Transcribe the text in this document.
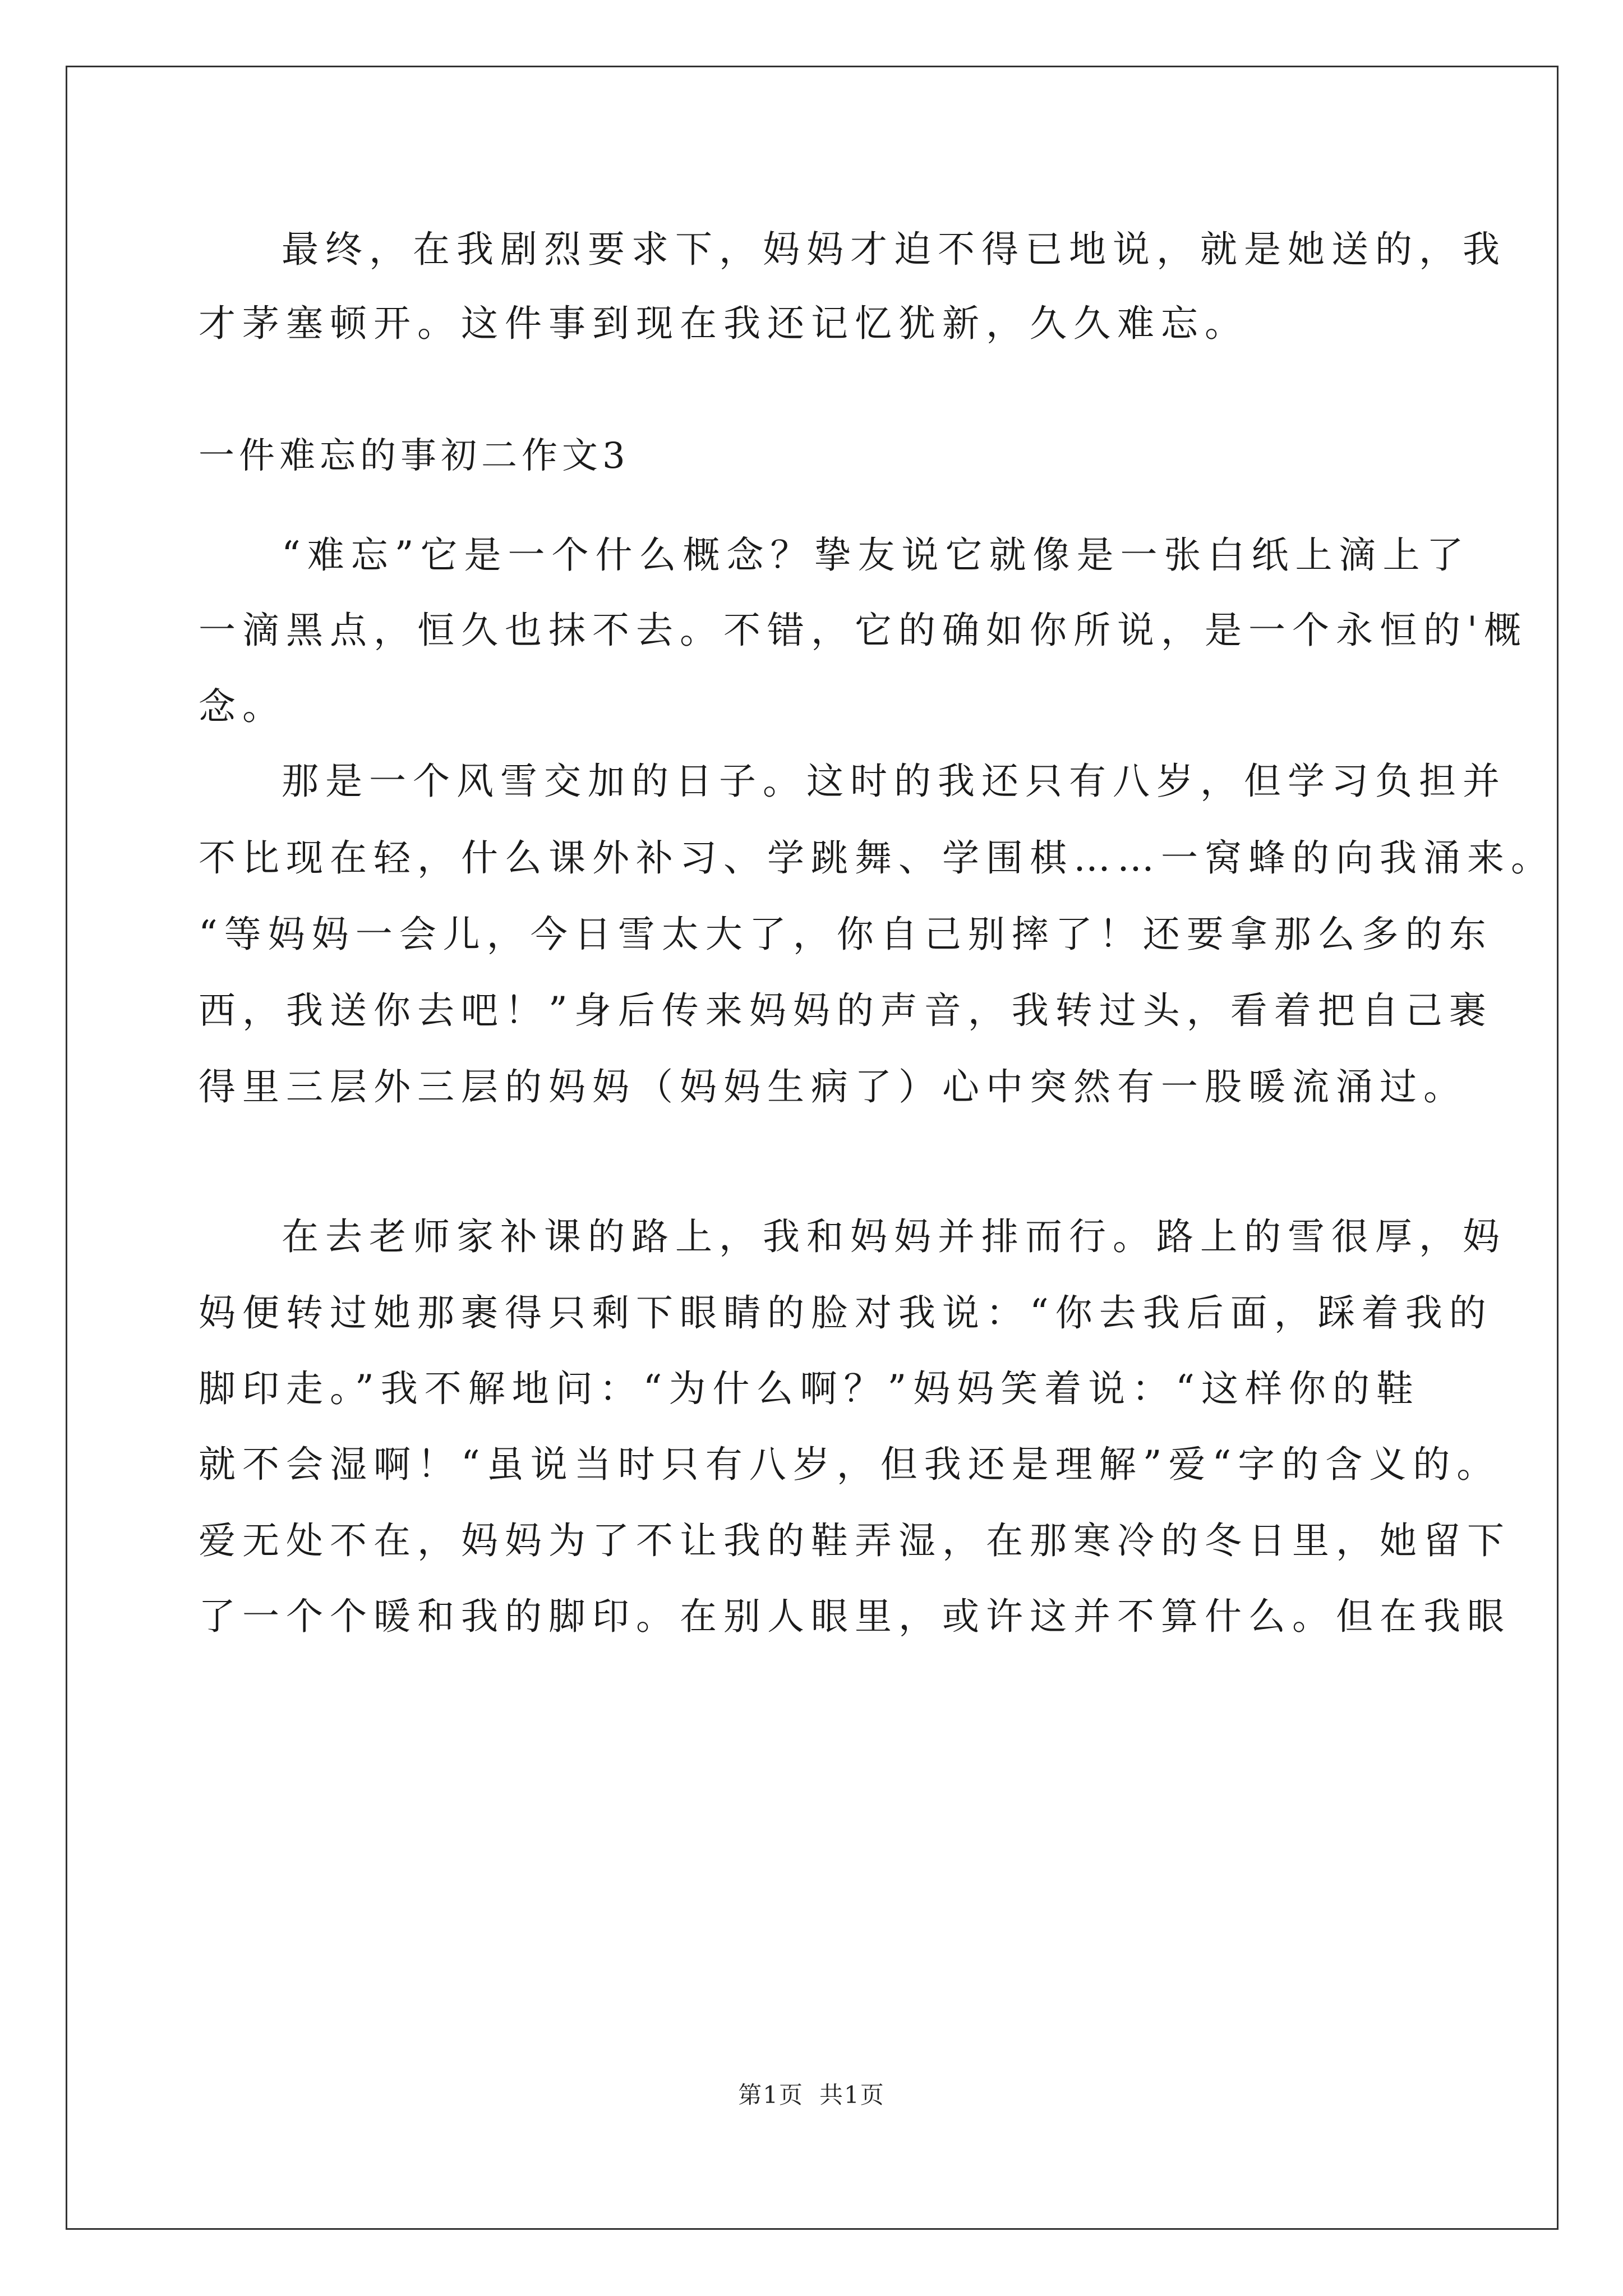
最终，在我剧烈要求下，妈妈才迫不得已地说，就是她送的，我
才茅塞顿开。这件事到现在我还记忆犹新，久久难忘。
一件难忘的事初二作文3
“难忘”它是一个什么概念？挚友说它就像是一张白纸上滴上了
一滴黑点，恒久也抹不去。不错，它的确如你所说，是一个永恒的'概
念。
那是一个风雪交加的日子。这时的我还只有八岁，但学习负担并
不比现在轻，什么课外补习、学跳舞、学围棋……一窝蜂的向我涌来。
“等妈妈一会儿，今日雪太大了，你自己别摔了！还要拿那么多的东
西，我送你去吧！”身后传来妈妈的声音，我转过头，看着把自己裹
得里三层外三层的妈妈（妈妈生病了）心中突然有一股暖流涌过。
在去老师家补课的路上，我和妈妈并排而行。路上的雪很厚，妈
妈便转过她那裹得只剩下眼睛的脸对我说：“你去我后面，踩着我的
脚印走。”我不解地问：“为什么啊？”妈妈笑着说：“这样你的鞋
就不会湿啊！“虽说当时只有八岁，但我还是理解”爱“字的含义的。
爱无处不在，妈妈为了不让我的鞋弄湿，在那寒冷的冬日里，她留下
了一个个暖和我的脚印。在别人眼里，或许这并不算什么。但在我眼
第1页 共1页
